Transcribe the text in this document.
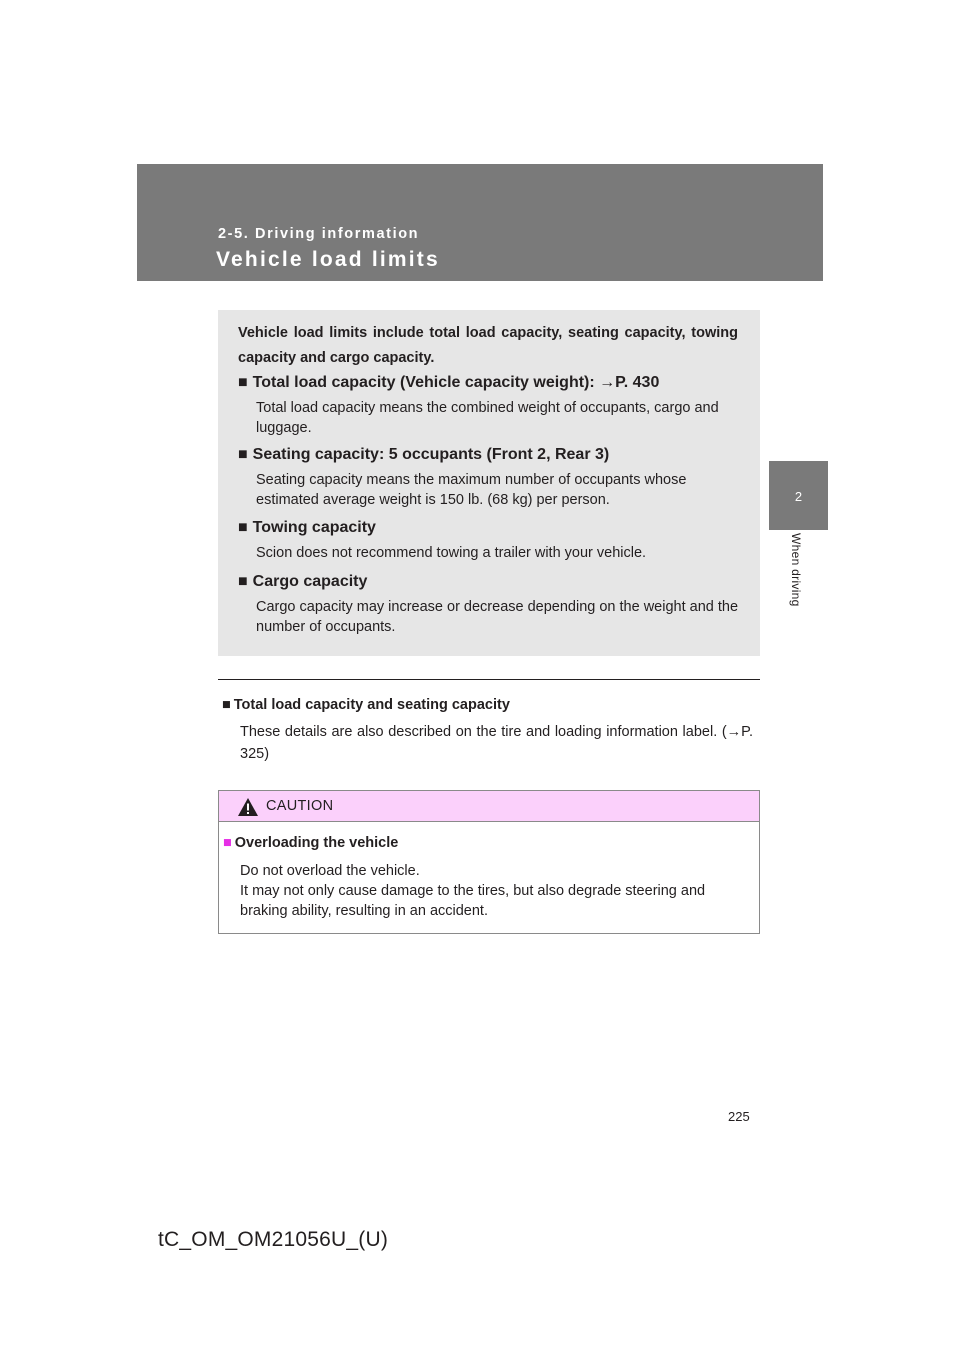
2-5. Driving information
Vehicle load limits
2
When driving
Vehicle load limits include total load capacity, seating capacity, towing capacity and cargo capacity.
■ Total load capacity (Vehicle capacity weight): →P. 430
Total load capacity means the combined weight of occupants, cargo and luggage.
■ Seating capacity: 5 occupants (Front 2, Rear 3)
Seating capacity means the maximum number of occupants whose estimated average weight is 150 lb. (68 kg) per person.
■ Towing capacity
Scion does not recommend towing a trailer with your vehicle.
■ Cargo capacity
Cargo capacity may increase or decrease depending on the weight and the number of occupants.
■ Total load capacity and seating capacity
These details are also described on the tire and loading information label. (→P. 325)
CAUTION
■ Overloading the vehicle
Do not overload the vehicle.
It may not only cause damage to the tires, but also degrade steering and braking ability, resulting in an accident.
225
tC_OM_OM21056U_(U)
